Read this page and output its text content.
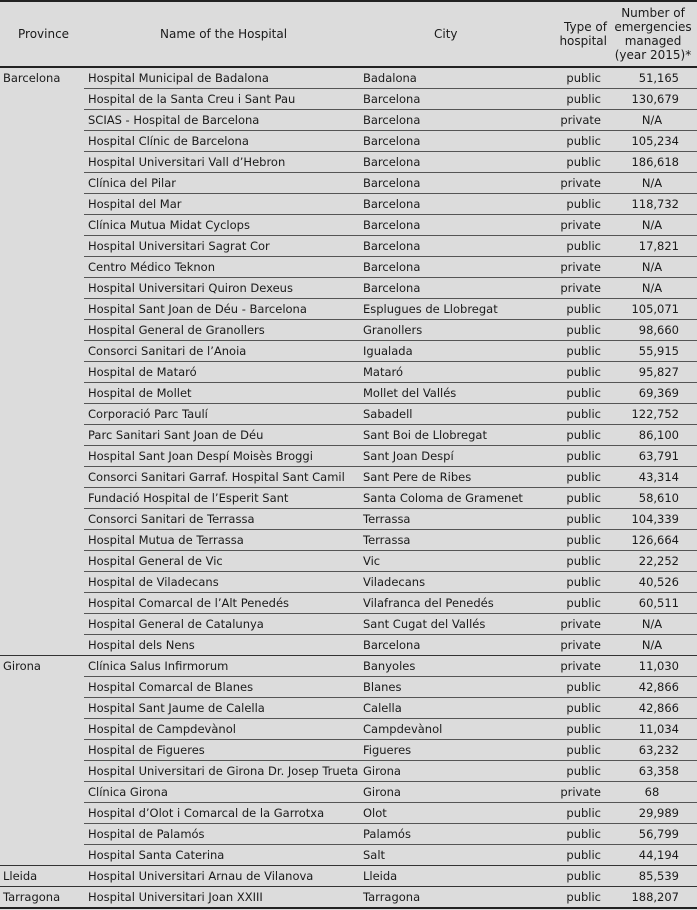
Province	Name of the Hospital	City	Type of hospital	Number of emergencies managed (year 2015)*
Barcelona	Hospital Municipal de Badalona	Badalona	public	51,165
	Hospital de la Santa Creu i Sant Pau	Barcelona	public	130,679
	SCIAS - Hospital de Barcelona	Barcelona	private	N/A
	Hospital Clínic de Barcelona	Barcelona	public	105,234
	Hospital Universitari Vall d’Hebron	Barcelona	public	186,618
	Clínica del Pilar	Barcelona	private	N/A
	Hospital del Mar	Barcelona	public	118,732
	Clínica Mutua Midat Cyclops	Barcelona	private	N/A
	Hospital Universitari Sagrat Cor	Barcelona	public	17,821
	Centro Médico Teknon	Barcelona	private	N/A
	Hospital Universitari Quiron Dexeus	Barcelona	private	N/A
	Hospital Sant Joan de Déu - Barcelona	Esplugues de Llobregat	public	105,071
	Hospital General de Granollers	Granollers	public	98,660
	Consorci Sanitari de l’Anoia	Igualada	public	55,915
	Hospital de Mataró	Mataró	public	95,827
	Hospital de Mollet	Mollet del Vallés	public	69,369
	Corporació Parc Taulí	Sabadell	public	122,752
	Parc Sanitari Sant Joan de Déu	Sant Boi de Llobregat	public	86,100
	Hospital Sant Joan Despí Moisès Broggi	Sant Joan Despí	public	63,791
	Consorci Sanitari Garraf. Hospital Sant Camil	Sant Pere de Ribes	public	43,314
	Fundació Hospital de l’Esperit Sant	Santa Coloma de Gramenet	public	58,610
	Consorci Sanitari de Terrassa	Terrassa	public	104,339
	Hospital Mutua de Terrassa	Terrassa	public	126,664
	Hospital General de Vic	Vic	public	22,252
	Hospital de Viladecans	Viladecans	public	40,526
	Hospital Comarcal de l’Alt Penedés	Vilafranca del Penedés	public	60,511
	Hospital General de Catalunya	Sant Cugat del Vallés	private	N/A
	Hospital dels Nens	Barcelona	private	N/A
Girona	Clínica Salus Infirmorum	Banyoles	private	11,030
	Hospital Comarcal de Blanes	Blanes	public	42,866
	Hospital Sant Jaume de Calella	Calella	public	42,866
	Hospital de Campdevànol	Campdevànol	public	11,034
	Hospital de Figueres	Figueres	public	63,232
	Hospital Universitari de Girona Dr. Josep Trueta	Girona	public	63,358
	Clínica Girona	Girona	private	68
	Hospital d’Olot i Comarcal de la Garrotxa	Olot	public	29,989
	Hospital de Palamós	Palamós	public	56,799
	Hospital Santa Caterina	Salt	public	44,194
Lleida	Hospital Universitari Arnau de Vilanova	Lleida	public	85,539
Tarragona	Hospital Universitari Joan XXIII	Tarragona	public	188,207
